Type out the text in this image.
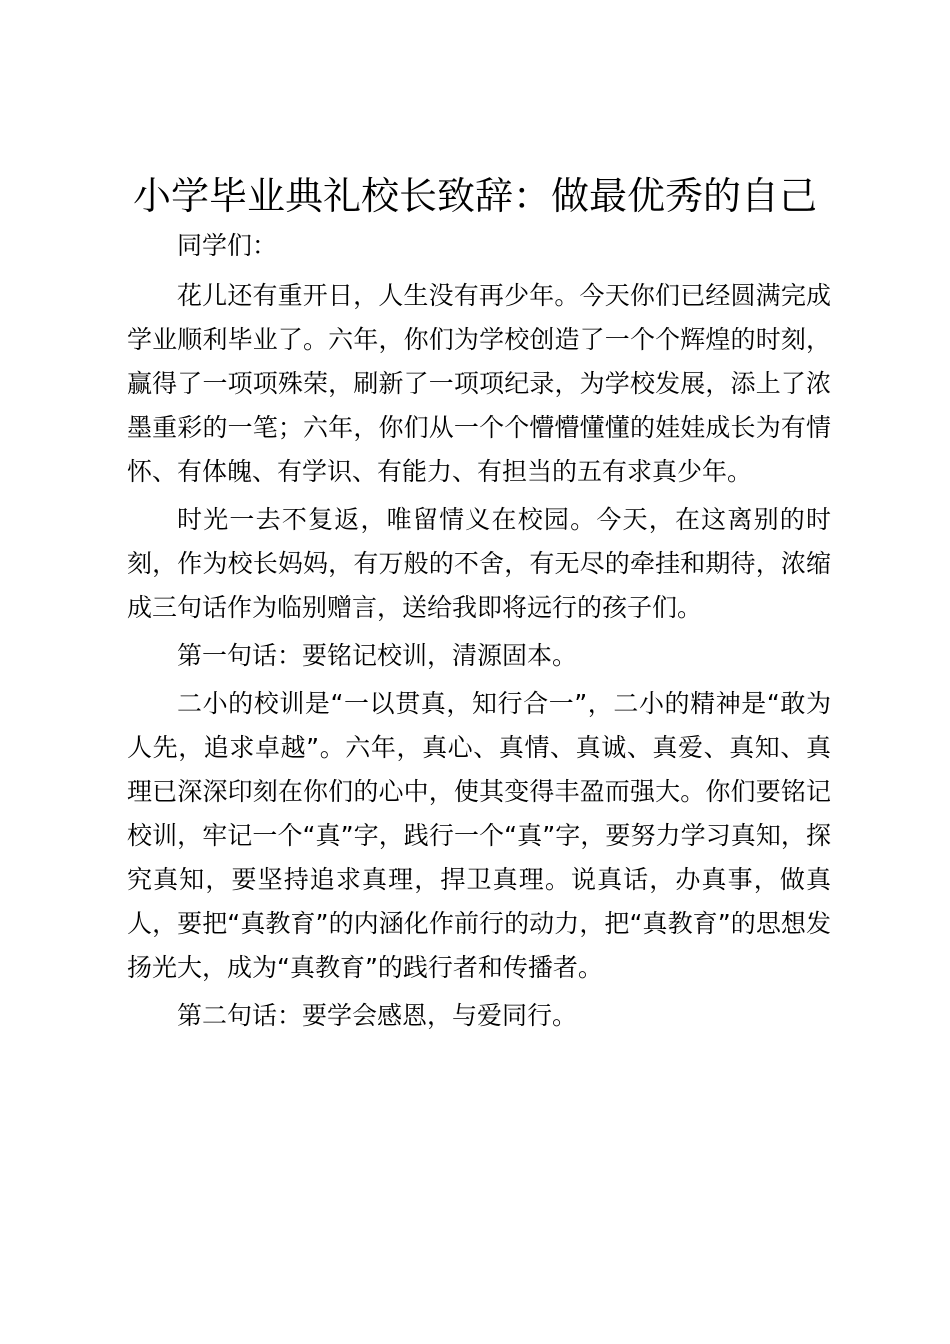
小学毕业典礼校长致辞：做最优秀的自己

同学们：

花儿还有重开日，人生没有再少年。今天你们已经圆满完成学业顺利毕业了。六年，你们为学校创造了一个个辉煌的时刻，赢得了一项项殊荣，刷新了一项项纪录，为学校发展，添上了浓墨重彩的一笔；六年，你们从一个个懵懵懂懂的娃娃成长为有情怀、有体魄、有学识、有能力、有担当的五有求真少年。

时光一去不复返，唯留情义在校园。今天，在这离别的时刻，作为校长妈妈，有万般的不舍，有无尽的牵挂和期待，浓缩成三句话作为临别赠言，送给我即将远行的孩子们。

第一句话：要铭记校训，清源固本。

二小的校训是“一以贯真，知行合一”，二小的精神是“敢为人先，追求卓越”。六年，真心、真情、真诚、真爱、真知、真理已深深印刻在你们的心中，使其变得丰盈而强大。你们要铭记校训，牢记一个“真”字，践行一个“真”字，要努力学习真知，探究真知，要坚持追求真理，捍卫真理。说真话，办真事，做真人，要把“真教育”的内涵化作前行的动力，把“真教育”的思想发扬光大，成为“真教育”的践行者和传播者。

第二句话：要学会感恩，与爱同行。
